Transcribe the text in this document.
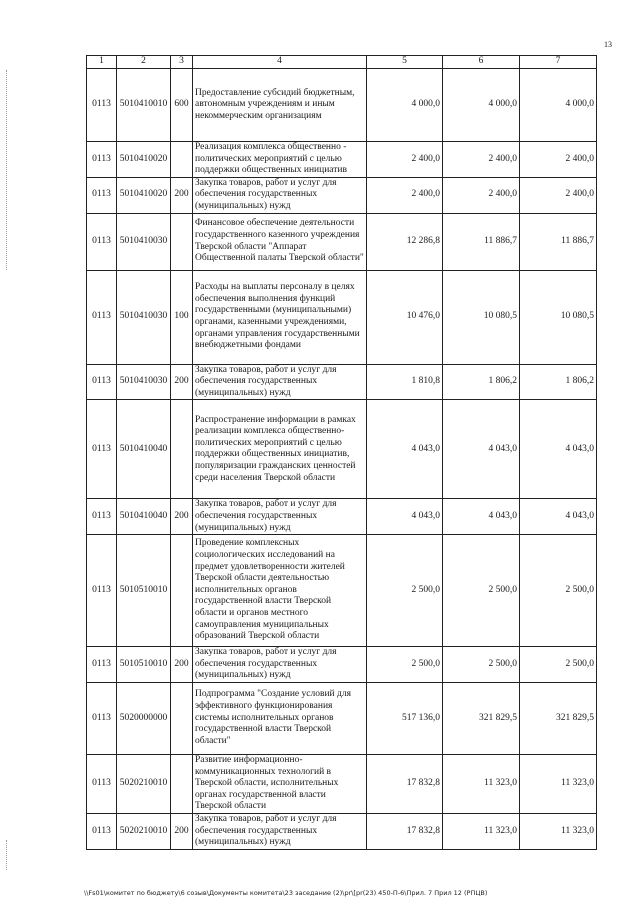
13
1	2	3	4	5	6	7
0113	5010410010	600	Предоставление субсидий бюджетным, автономным учреждениям и иным некоммерческим организациям	4 000,0	4 000,0	4 000,0
0113	5010410020		Реализация комплекса общественно - политических мероприятий с целью поддержки общественных инициатив	2 400,0	2 400,0	2 400,0
0113	5010410020	200	Закупка товаров, работ и услуг для обеспечения государственных (муниципальных) нужд	2 400,0	2 400,0	2 400,0
0113	5010410030		Финансовое обеспечение деятельности государственного казенного учреждения Тверской области "Аппарат Общественной палаты Тверской области"	12 286,8	11 886,7	11 886,7
0113	5010410030	100	Расходы на выплаты персоналу в целях обеспечения выполнения функций государственными (муниципальными) органами, казенными учреждениями, органами управления государственными внебюджетными фондами	10 476,0	10 080,5	10 080,5
0113	5010410030	200	Закупка товаров, работ и услуг для обеспечения государственных (муниципальных) нужд	1 810,8	1 806,2	1 806,2
0113	5010410040		Распространение информации в рамках реализации комплекса общественно-политических мероприятий с целью поддержки общественных инициатив, популяризации гражданских ценностей среди населения Тверской области	4 043,0	4 043,0	4 043,0
0113	5010410040	200	Закупка товаров, работ и услуг для обеспечения государственных (муниципальных) нужд	4 043,0	4 043,0	4 043,0
0113	5010510010		Проведение комплексных социологических исследований на предмет удовлетворенности жителей Тверской области деятельностью исполнительных органов государственной власти Тверской области и органов местного самоуправления муниципальных образований Тверской области	2 500,0	2 500,0	2 500,0
0113	5010510010	200	Закупка товаров, работ и услуг для обеспечения государственных (муниципальных) нужд	2 500,0	2 500,0	2 500,0
0113	5020000000		Подпрограмма "Создание условий для эффективного функционирования системы исполнительных органов государственной власти Тверской области"	517 136,0	321 829,5	321 829,5
0113	5020210010		Развитие информационно-коммуникационных технологий в Тверской области, исполнительных органах государственной власти Тверской области	17 832,8	11 323,0	11 323,0
0113	5020210010	200	Закупка товаров, работ и услуг для обеспечения государственных (муниципальных) нужд	17 832,8	11 323,0	11 323,0
\\Fs01\комитет по бюджету\6 созыв\Документы комитета\23 заседание (2)\pr\[pr(23) 450-П-6\Прил. 7 Прил 12 (РПЦВ)
